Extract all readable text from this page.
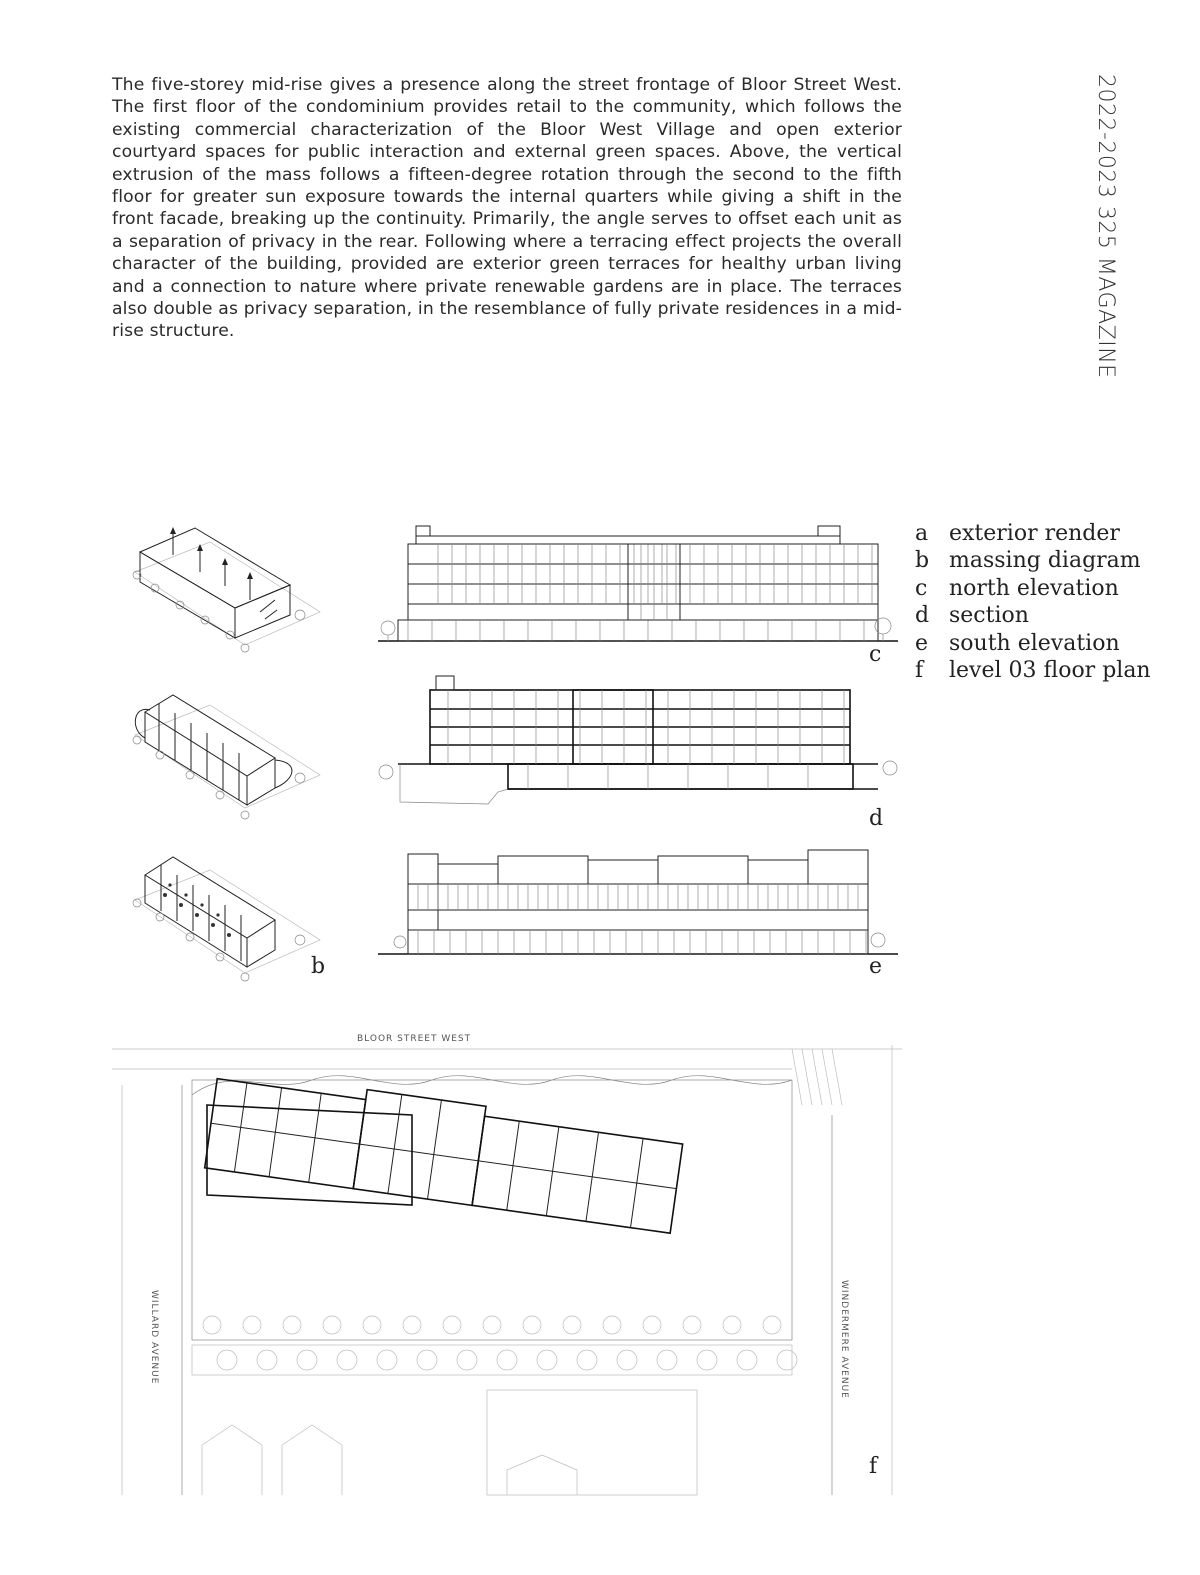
The five-storey mid-rise gives a presence along the street frontage of Bloor Street West. The first floor of the condominium provides retail to the community, which follows the existing commercial characterization of the Bloor West Village and open exterior courtyard spaces for public interaction and external green spaces. Above, the vertical extrusion of the mass follows a fifteen-degree rotation through the second to the fifth floor for greater sun exposure towards the internal quarters while giving a shift in the front facade, breaking up the continuity. Primarily, the angle serves to offset each unit as a separation of privacy in the rear. Following where a terracing effect projects the overall character of the building, provided are exterior green terraces for healthy urban living and a connection to nature where private renewable gardens are in place. The terraces also double as privacy separation, in the resemblance of fully private residences in a mid-rise structure.	2022-2023 325 MAGAZINE
a exterior render
b massing diagram
c north elevation
d section
e south elevation
f	level 03 floor plan
b
c
d
e
BLOOR STREET WEST
WILLARD AVENUE	WINDERMERE AVENUE
f
